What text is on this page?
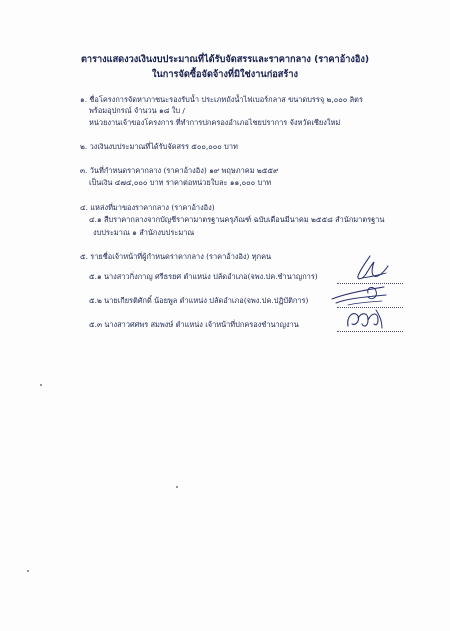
ตารางแสดงวงเงินงบประมาณที่ได้รับจัดสรรและราคากลาง (ราคาอ้างอิง)
ในการจัดซื้อจัดจ้างที่มิใช่งานก่อสร้าง
๑. ชื่อโครงการจัดหาภาชนะรองรับน้ำ ประเภทถังน้ำไฟเบอร์กลาส ขนาดบรรจุ ๒,๐๐๐ ลิตร
พร้อมอุปกรณ์ จำนวน ๑๘ ใบ /
หน่วยงานเจ้าของโครงการ ที่ทำการปกครองอำเภอไชยปราการ จังหวัดเชียงใหม่
๒. วงเงินงบประมาณที่ได้รับจัดสรร ๕๐๐,๐๐๐ บาท
๓. วันที่กำหนดราคากลาง (ราคาอ้างอิง) ๑๙ พฤษภาคม ๒๕๕๙
เป็นเงิน ๔๗๔,๐๐๐ บาท ราคาต่อหน่วยใบละ ๑๑,๐๐๐ บาท
๔. แหล่งที่มาของราคากลาง (ราคาอ้างอิง)
๔.๑ สืบราคากลางจากบัญชีราคามาตรฐานครุภัณฑ์ ฉบับเดือนมีนาคม ๒๕๕๘ สำนักมาตรฐาน
งบประมาณ ๑ สำนักงบประมาณ
๕. รายชื่อเจ้าหน้าที่ผู้กำหนดราคากลาง (ราคาอ้างอิง) ทุกคน
๕.๑ นางสาวกิ่งกาญ ศรีธรยศ ตำแหน่ง ปลัดอำเภอ(จพง.ปค.ชำนาญการ)
๕.๒ นายเกียรติศักดิ์ น้อยพูล ตำแหน่ง ปลัดอำเภอ(จพง.ปค.ปฏิบัติการ)
๕.๓ นางสาวศศพร สมพงษ์ ตำแหน่ง เจ้าหน้าที่ปกครองชำนาญงาน
